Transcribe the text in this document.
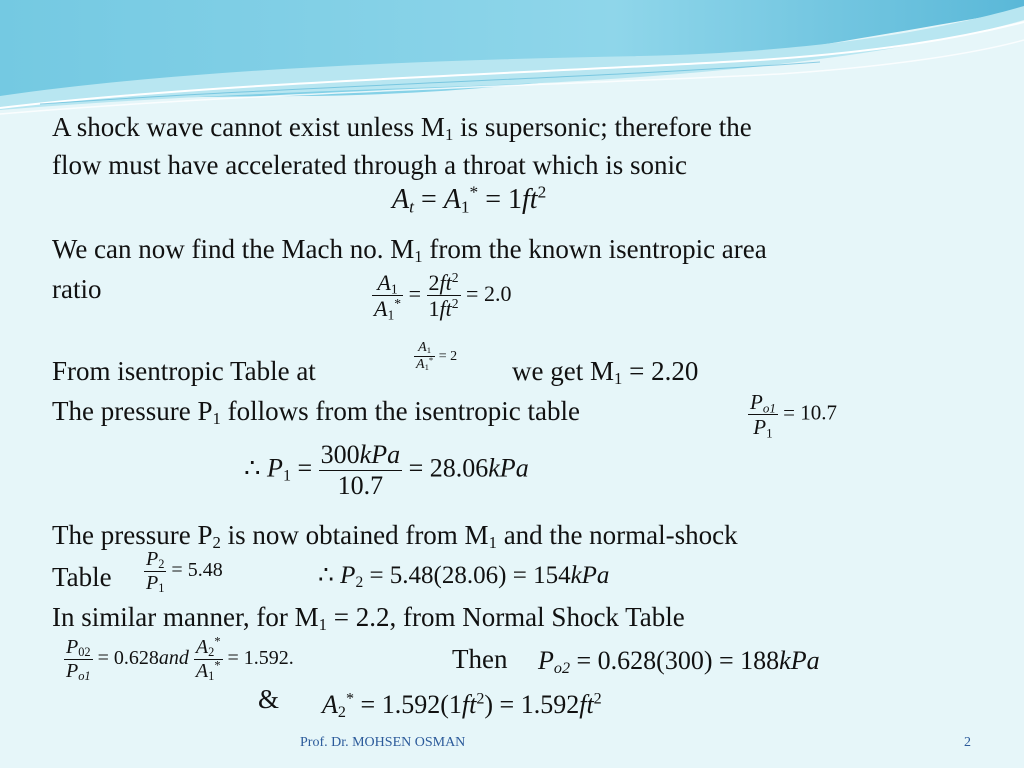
A shock wave cannot exist unless $M_1$ is supersonic; therefore the
flow must have accelerated through a throat which is sonic
$A_t = A_1^* = 1ft^2$
We can now find the Mach no. $M_1$ from the known isentropic area
ratio	$\frac{A_1}{A_1^*} = \frac{2ft^2}{1ft^2} = 2.0$
From isentropic Table at	$\frac{A_1}{A_1^*} = 2$ we get $M_1 = 2.20$
The pressure $P_1$ follows from the isentropic table	$\frac{P_{o1}}{P_1} = 10.7$
∴ $P_1 = \frac{\text{300kPa}}{10.7} = 28.06kPa$
The pressure $P_2$ is now obtained from $M_1$ and the normal-shock
Table $\frac{P_2}{P_1} = 5.48$	∴ $P_2 = 5.48(28.06) = 154kPa$
In similar manner, for $M_1 = 2.2$, from Normal Shock Table
$\frac{P_{02}}{P_{o1}} = 0.628and \frac{A_2^*}{A_1^*} = 1.592$.	Then $P_{o2} = 0.628(300) = 188kPa$
& $A_2^* = 1.592(1ft^2) = 1.592ft^2$
Prof. Dr. MOHSEN OSMAN	2
